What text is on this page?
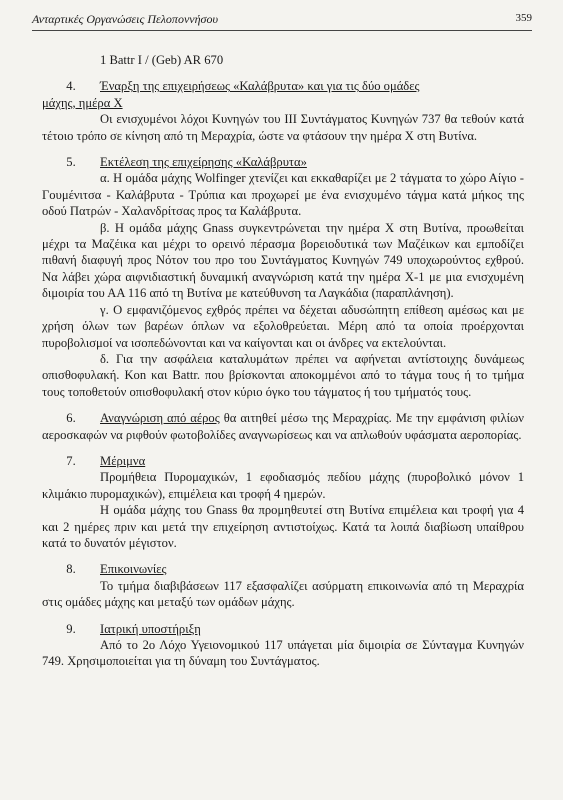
Ανταρτικές Οργανώσεις Πελοποννήσου	359
1 Battr I / (Geb) AR 670
4.	Έναρξη της επιχειρήσεως «Καλάβρυτα» και για τις δύο ομάδες
μάχης, ημέρα Χ
Οι ενισχυμένοι λόχοι Κυνηγών του ΙΙΙ Συντάγματος Κυνηγών 737 θα τεθούν κατά τέτοιο τρόπο σε κίνηση από τη Μεραχρία, ώστε να φτάσουν την ημέρα Χ στη Βυτίνα.
5.	Εκτέλεση της επιχείρησης «Καλάβρυτα»
α. Η ομάδα μάχης Wolfinger χτενίζει και εκκαθαρίζει με 2 τάγματα το χώρο Αίγιο - Γουμένιτσα - Καλάβρυτα - Τρύπια και προχωρεί με ένα ενισχυμένο τάγμα κατά μήκος της οδού Πατρών - Χαλανδρίτσας προς τα Καλάβρυτα.
β. Η ομάδα μάχης Gnass συγκεντρώνεται την ημέρα Χ στη Βυτίνα, προωθείται μέχρι τα Μαζέικα και μέχρι το ορεινό πέρασμα βορειοδυτικά των Μαζέικων και εμποδίζει πιθανή διαφυγή προς Νότον του προ του Συντάγματος Κυνηγών 749 υποχωρούντος εχθρού. Να λάβει χώρα αιφνιδιαστική δυναμική αναγνώριση κατά την ημέρα Χ-1 με μια ενισχυμένη διμοιρία του ΑΑ 116 από τη Βυτίνα με κατεύθυνση τα Λαγκάδια (παραπλάνηση).
γ. Ο εμφανιζόμενος εχθρός πρέπει να δέχεται αδυσώπητη επίθεση αμέσως και με χρήση όλων των βαρέων όπλων να εξολοθρεύεται. Μέρη από τα οποία προέρχονται πυροβολισμοί να ισοπεδώνονται και να καίγονται και οι άνδρες να εκτελούνται.
δ. Για την ασφάλεια καταλυμάτων πρέπει να αφήνεται αντίστοιχης δυνάμεως οπισθοφυλακή. Kon και Battr. που βρίσκονται αποκομμένοι από το τάγμα τους ή το τμήμα τους τοποθετούν οπισθοφυλακή στον κύριο όγκο του τάγματος ή του τμήματός τους.
6. Αναγνώριση από αέρος θα αιτηθεί μέσω της Μεραχρίας. Με την εμφάνιση φιλίων αεροσκαφών να ριφθούν φωτοβολίδες αναγνωρίσεως και να απλωθούν υφάσματα αεροπορίας.
7.	Μέριμνα
Προμήθεια Πυρομαχικών, 1 εφοδιασμός πεδίου μάχης (πυροβολικό μόνον 1 κλιμάκιο πυρομαχικών), επιμέλεια και τροφή 4 ημερών.
Η ομάδα μάχης του Gnass θα προμηθευτεί στη Βυτίνα επιμέλεια και τροφή για 4 και 2 ημέρες πριν και μετά την επιχείρηση αντιστοίχως. Κατά τα λοιπά διαβίωση υπαίθρου κατά το δυνατόν μέγιστον.
8.	Επικοινωνίες
Το τμήμα διαβιβάσεων 117 εξασφαλίζει ασύρματη επικοινωνία από τη Μεραχρία στις ομάδες μάχης και μεταξύ των ομάδων μάχης.
9.	Ιατρική υποστήριξη
Από το 2ο Λόχο Υγειονομικού 117 υπάγεται μία διμοιρία σε Σύνταγμα Κυνηγών 749. Χρησιμοποιείται για τη δύναμη του Συντάγματος.
